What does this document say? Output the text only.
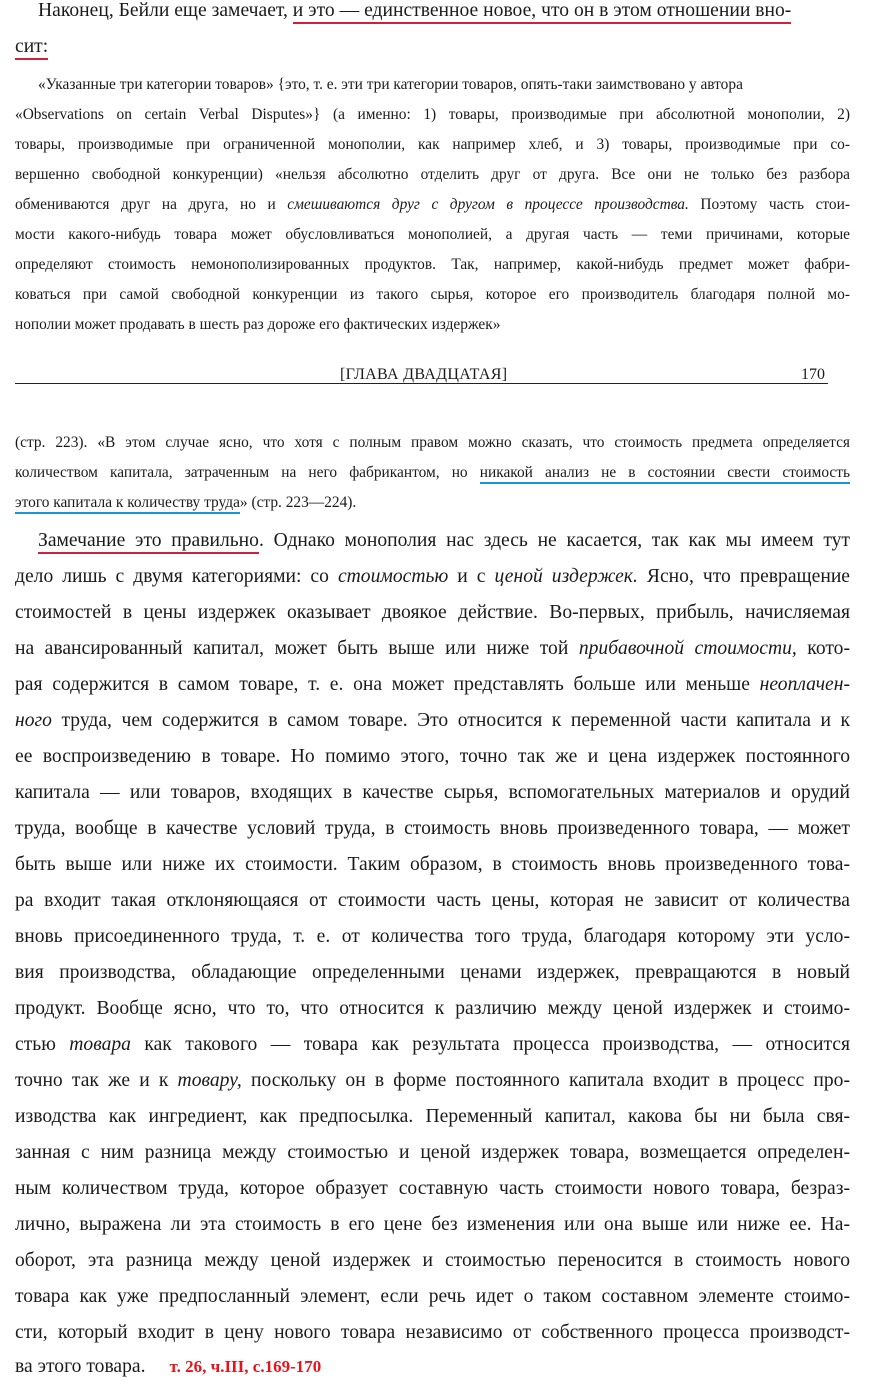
Наконец, Бейли еще замечает, и это — единственное новое, что он в этом отношении вно-
сит:
«Указанные три категории товаров» {это, т. е. эти три категории товаров, опять-таки заимствовано у автора
«Observations on certain Verbal Disputes»} (а именно: 1) товары, производимые при абсолютной монополии, 2)
товары, производимые при ограниченной монополии, как например хлеб, и 3) товары, производимые при со-
вершенно свободной конкуренции) «нельзя абсолютно отделить друг от друга. Все они не только без разбора
обмениваются друг на друга, но и смешиваются друг с другом в процессе производства. Поэтому часть стои-
мости какого-нибудь товара может обусловливаться монополией, а другая часть — теми причинами, которые
определяют стоимость немонополизированных продуктов. Так, например, какой-нибудь предмет может фабри-
коваться при самой свободной конкуренции из такого сырья, которое его производитель благодаря полной мо-
нополии может продавать в шесть раз дороже его фактических издержек»
[ГЛАВА ДВАДЦАТАЯ]	170
(стр. 223). «В этом случае ясно, что хотя с полным правом можно сказать, что стоимость предмета определяется
количеством капиталa, затраченным на него фабрикантом, но никакой анализ не в состоянии свести стоимость
этого капитала к количеству труда» (стр. 223—224).
Замечание это правильно. Однако монополия нас здесь не касается, так как мы имеем тут
дело лишь с двумя категориями: со стоимостью и с ценой издержек. Ясно, что превращение
стоимостей в цены издержек оказывает двоякое действие. Во-первых, прибыль, начисляемая
на авансированный капитал, может быть выше или ниже той прибавочной стоимости, кото-
рая содержится в самом товаре, т. е. она может представлять больше или меньше неоплачен-
ного труда, чем содержится в самом товаре. Это относится к переменной части капитала и к
ее воспроизведению в товаре. Но помимо этого, точно так же и цена издержек постоянного
капитала — или товаров, входящих в качестве сырья, вспомогательных материалов и орудий
труда, вообще в качестве условий труда, в стоимость вновь произведенного товара, — может
быть выше или ниже их стоимости. Таким образом, в стоимость вновь произведенного това-
ра входит такая отклоняющаяся от стоимости часть цены, которая не зависит от количества
вновь присоединенного труда, т. е. от количества того труда, благодаря которому эти усло-
вия производства, обладающие определенными ценами издержек, превращаются в новый
продукт. Вообще ясно, что то, что относится к различию между ценой издержек и стоимо-
стью товара как такового — товара как результата процесса производства, — относится
точно так же и к товару, поскольку он в форме постоянного капитала входит в процесс про-
изводства как ингредиент, как предпосылка. Переменный капитал, какова бы ни была свя-
занная с ним разница между стоимостью и ценой издержек товара, возмещается определен-
ным количеством труда, которое образует составную часть стоимости нового товара, безраз-
лично, выражена ли эта стоимость в его цене без изменения или она выше или ниже ее. На-
оборот, эта разница между ценой издержек и стоимостью переносится в стоимость нового
товара как уже предпосланный элемент, если речь идет о таком составном элементе стоимо-
сти, который входит в цену нового товара независимо от собственного процесса производст-
ва этого товара. т. 26, ч.III, с.169-170
